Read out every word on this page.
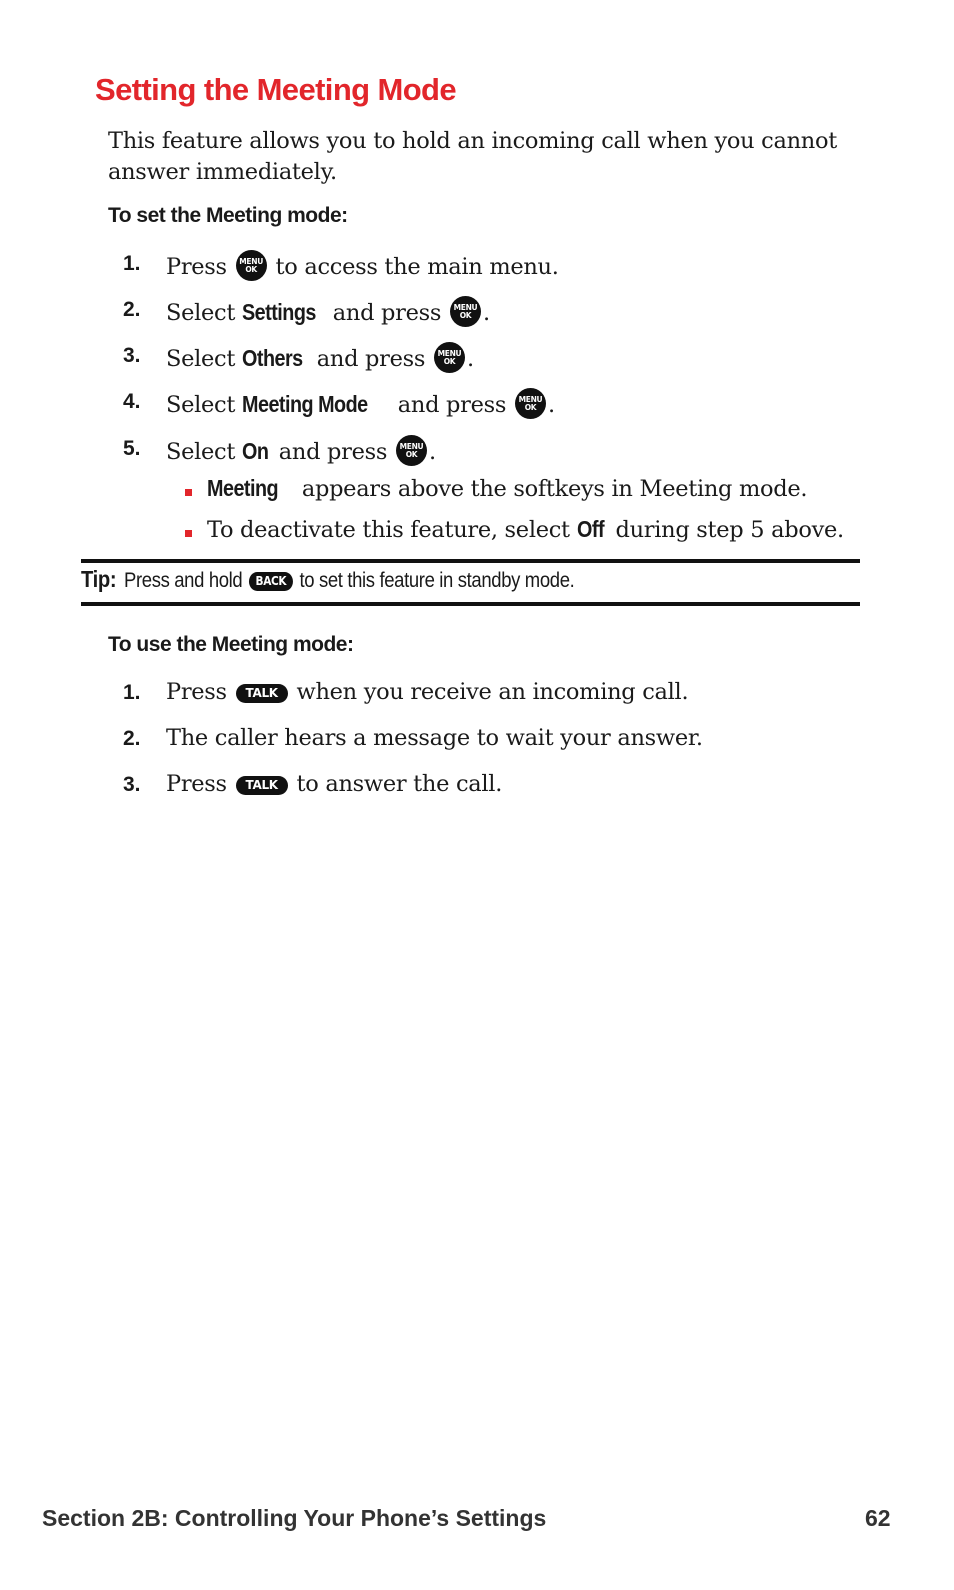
Setting the Meeting Mode
This feature allows you to hold an incoming call when you cannot answer immediately.
To set the Meeting mode:
1. Press MENU
OK to access the main menu.
2. Select Settings and press MENU
OK .
3. Select Others and press MENU
OK .
4. Select Meeting Mode and press MENU
OK .
5. Select On and press MENU
OK .
Meeting appears above the softkeys in Meeting mode.
To deactivate this feature, select Off during step 5 above.
Tip: Press and hold BACK to set this feature in standby mode.
To use the Meeting mode:
1. Press TALK when you receive an incoming call.
2. The caller hears a message to wait your answer.
3. Press TALK to answer the call.
Section 2B: Controlling Your Phone’s Settings	62
